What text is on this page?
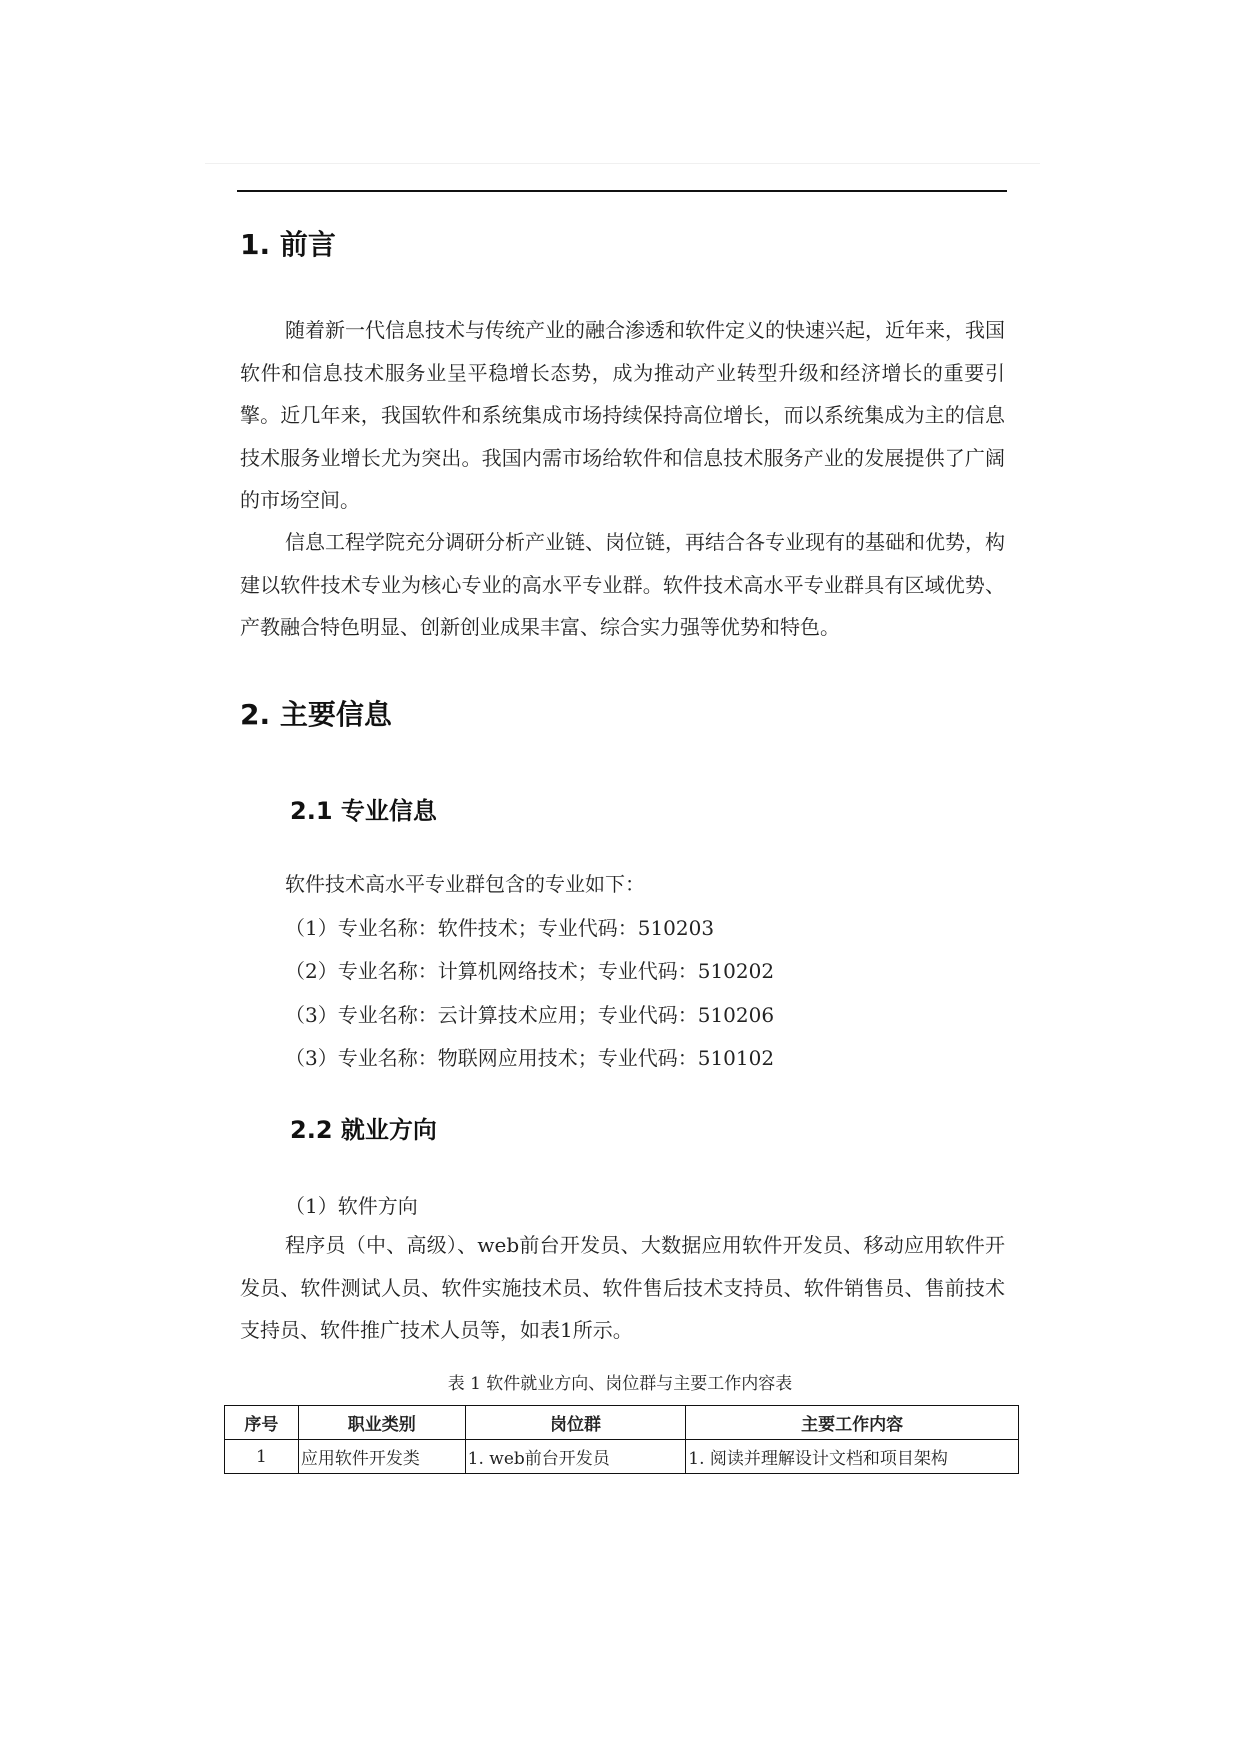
1. 前言

随着新一代信息技术与传统产业的融合渗透和软件定义的快速兴起，近年来，我国软件和信息技术服务业呈平稳增长态势，成为推动产业转型升级和经济增长的重要引擎。近几年来，我国软件和系统集成市场持续保持高位增长，而以系统集成为主的信息技术服务业增长尤为突出。我国内需市场给软件和信息技术服务产业的发展提供了广阔的市场空间。

信息工程学院充分调研分析产业链、岗位链，再结合各专业现有的基础和优势，构建以软件技术专业为核心专业的高水平专业群。软件技术高水平专业群具有区域优势、产教融合特色明显、创新创业成果丰富、综合实力强等优势和特色。

2. 主要信息
2.1 专业信息
软件技术高水平专业群包含的专业如下：
（1）专业名称：软件技术；专业代码：510203
（2）专业名称：计算机网络技术；专业代码：510202
（3）专业名称：云计算技术应用；专业代码：510206
（3）专业名称：物联网应用技术；专业代码：510102
2.2 就业方向
（1）软件方向

程序员（中、高级）、web前台开发员、大数据应用软件开发员、移动应用软件开发员、软件测试人员、软件实施技术员、软件售后技术支持员、软件销售员、售前技术支持员、软件推广技术人员等，如表1所示。

表 1 软件就业方向、岗位群与主要工作内容表
序号	职业类别	岗位群	主要工作内容
1	应用软件开发类	1. web前台开发员	1. 阅读并理解设计文档和项目架构
